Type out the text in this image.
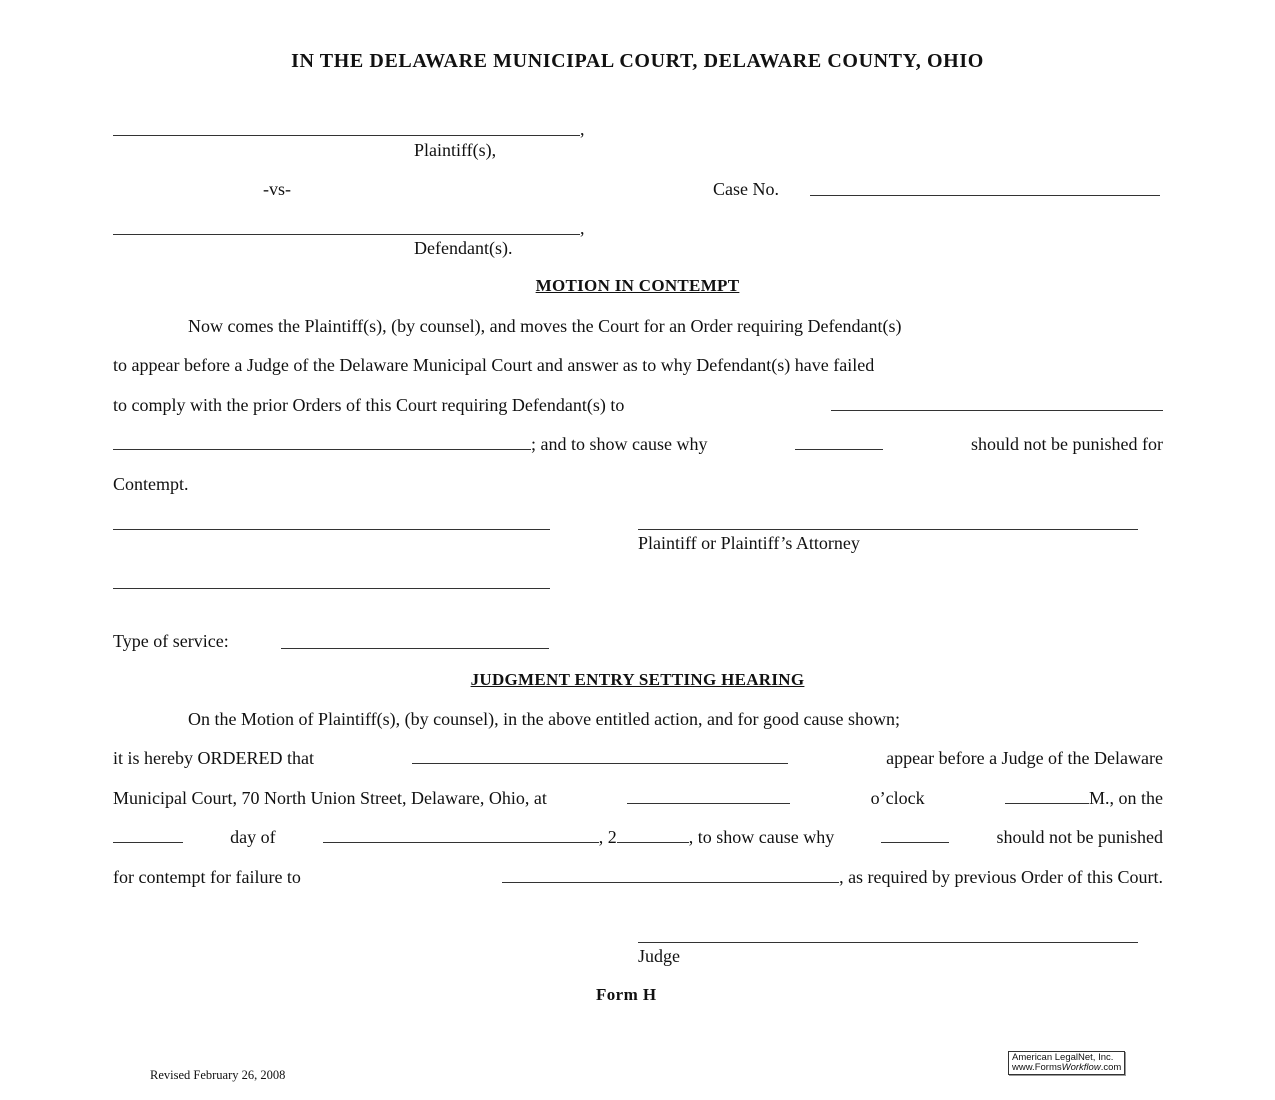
IN THE DELAWARE MUNICIPAL COURT, DELAWARE COUNTY, OHIO
,
Plaintiff(s),
-vs-	Case No.
,
Defendant(s).
MOTION IN CONTEMPT
Now comes the Plaintiff(s), (by counsel), and moves the Court for an Order requiring Defendant(s)
to appear before a Judge of the Delaware Municipal Court and answer as to why Defendant(s) have failed
to comply with the prior Orders of this Court requiring Defendant(s) to
; and to show cause why	should not be punished for
Contempt.
Plaintiff or Plaintiff’s Attorney
Type of service:
JUDGMENT ENTRY SETTING HEARING
On the Motion of Plaintiff(s), (by counsel), in the above entitled action, and for good cause shown;
it is hereby ORDERED that	appear before a Judge of the Delaware
Municipal Court, 70 North Union Street, Delaware, Ohio, at	o’clock	M., on the
day of	, 2	, to show cause why	should not be punished
for contempt for failure to	, as required by previous Order of this Court.
Judge
Form H
Revised February 26, 2008
American LegalNet, Inc.
www.FormsWorkflow.com
